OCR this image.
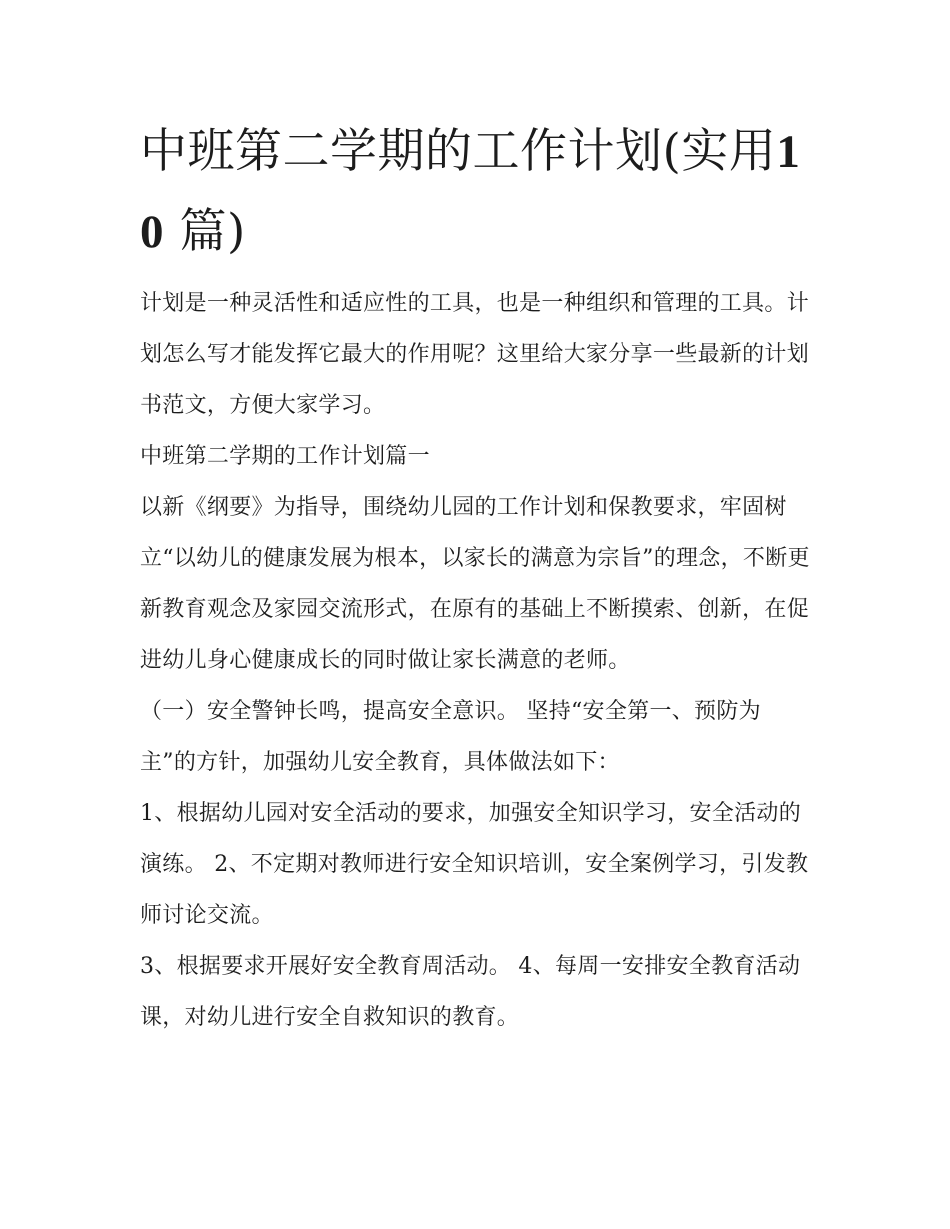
中班第二学期的工作计划(实用10 篇)

计划是一种灵活性和适应性的工具，也是一种组织和管理的工具。计划怎么写才能发挥它最大的作用呢？这里给大家分享一些最新的计划书范文，方便大家学习。

中班第二学期的工作计划篇一

以新《纲要》为指导，围绕幼儿园的工作计划和保教要求，牢固树立“以幼儿的健康发展为根本，以家长的满意为宗旨”的理念，不断更新教育观念及家园交流形式，在原有的基础上不断摸索、创新，在促进幼儿身心健康成长的同时做让家长满意的老师。

（一）安全警钟长鸣，提高安全意识。 坚持“安全第一、预防为主”的方针，加强幼儿安全教育，具体做法如下：

1、根据幼儿园对安全活动的要求，加强安全知识学习，安全活动的演练。 2、不定期对教师进行安全知识培训，安全案例学习，引发教师讨论交流。

3、根据要求开展好安全教育周活动。 4、每周一安排安全教育活动课，对幼儿进行安全自救知识的教育。
